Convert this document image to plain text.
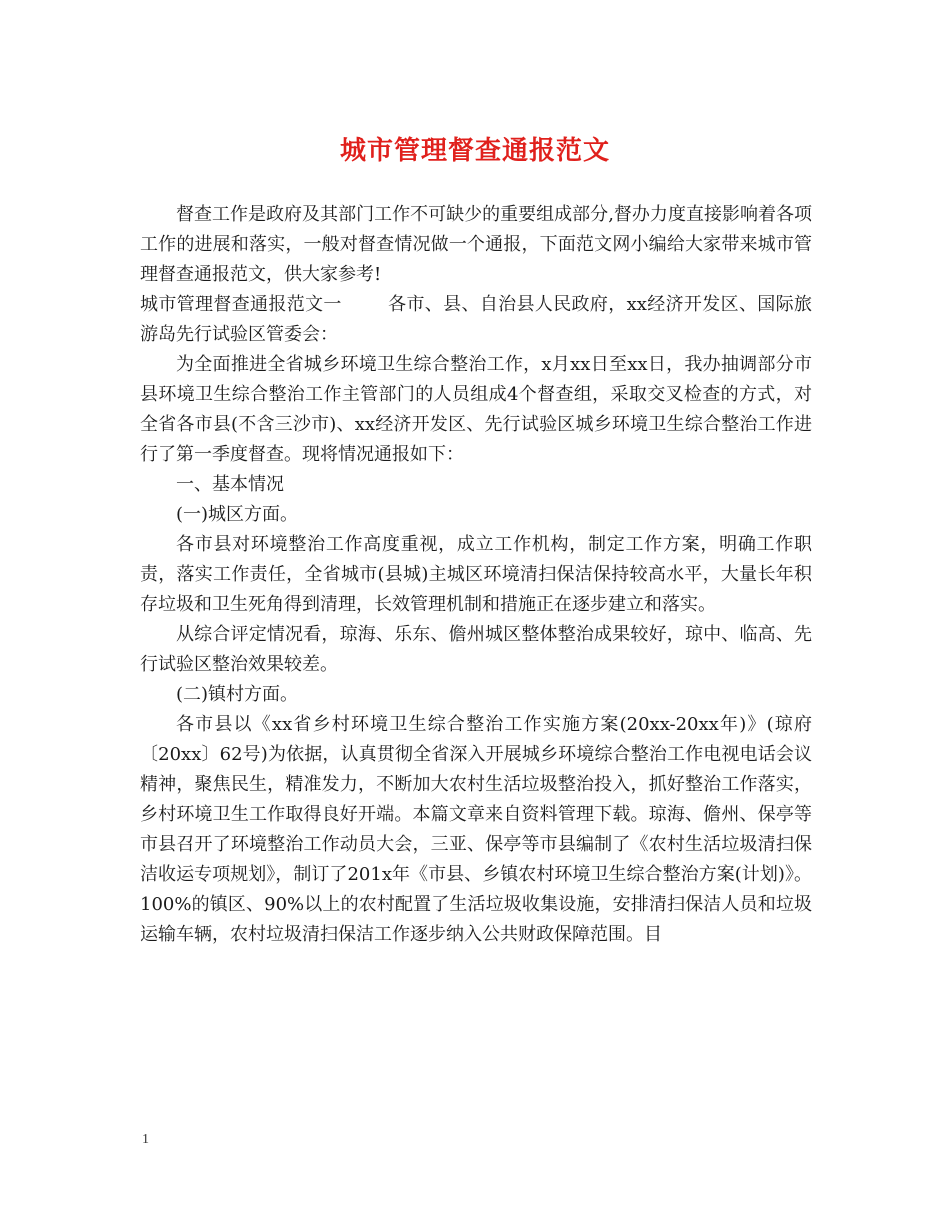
城市管理督查通报范文

督查工作是政府及其部门工作不可缺少的重要组成部分,督办力度直接影响着各项工作的进展和落实，一般对督查情况做一个通报，下面范文网小编给大家带来城市管理督查通报范文，供大家参考!

城市管理督查通报范文一	各市、县、自治县人民政府，xx经济开发区、国际旅游岛先行试验区管委会：

为全面推进全省城乡环境卫生综合整治工作，x月xx日至xx日，我办抽调部分市县环境卫生综合整治工作主管部门的人员组成4个督查组，采取交叉检查的方式，对全省各市县(不含三沙市)、xx经济开发区、先行试验区城乡环境卫生综合整治工作进行了第一季度督查。现将情况通报如下：

一、基本情况

(一)城区方面。

各市县对环境整治工作高度重视，成立工作机构，制定工作方案，明确工作职责，落实工作责任，全省城市(县城)主城区环境清扫保洁保持较高水平，大量长年积存垃圾和卫生死角得到清理，长效管理机制和措施正在逐步建立和落实。

从综合评定情况看，琼海、乐东、儋州城区整体整治成果较好，琼中、临高、先行试验区整治效果较差。

(二)镇村方面。

各市县以《xx省乡村环境卫生综合整治工作实施方案(20xx-20xx年)》(琼府〔20xx〕62号)为依据，认真贯彻全省深入开展城乡环境综合整治工作电视电话会议精神，聚焦民生，精准发力，不断加大农村生活垃圾整治投入，抓好整治工作落实，乡村环境卫生工作取得良好开端。本篇文章来自资料管理下载。琼海、儋州、保亭等市县召开了环境整治工作动员大会，三亚、保亭等市县编制了《农村生活垃圾清扫保洁收运专项规划》，制订了201x年《市县、乡镇农村环境卫生综合整治方案(计划)》。100%的镇区、90%以上的农村配置了生活垃圾收集设施，安排清扫保洁人员和垃圾运输车辆，农村垃圾清扫保洁工作逐步纳入公共财政保障范围。目

1
